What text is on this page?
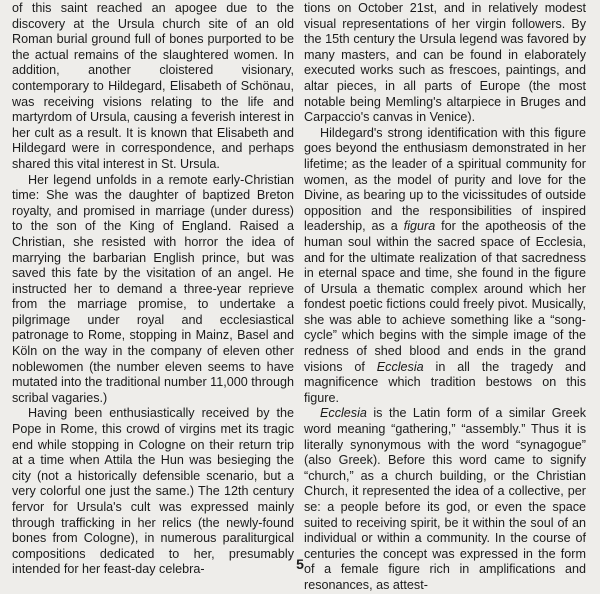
of this saint reached an apogee due to the discovery at the Ursula church site of an old Roman burial ground full of bones purported to be the actual remains of the slaughtered women. In addition, another cloistered visionary, contemporary to Hildegard, Elisabeth of Schönau, was receiving visions relating to the life and martyrdom of Ursula, causing a feverish interest in her cult as a result. It is known that Elisabeth and Hildegard were in correspondence, and perhaps shared this vital interest in St. Ursula.

Her legend unfolds in a remote early-Christian time: She was the daughter of baptized Breton royalty, and promised in marriage (under duress) to the son of the King of England. Raised a Christian, she resisted with horror the idea of marrying the barbarian English prince, but was saved this fate by the visitation of an angel. He instructed her to demand a three-year reprieve from the marriage promise, to undertake a pilgrimage under royal and ecclesiastical patronage to Rome, stopping in Mainz, Basel and Köln on the way in the company of eleven other noblewomen (the number eleven seems to have mutated into the traditional number 11,000 through scribal vagaries.)

Having been enthusiastically received by the Pope in Rome, this crowd of virgins met its tragic end while stopping in Cologne on their return trip at a time when Attila the Hun was besieging the city (not a historically defensible scenario, but a very colorful one just the same.) The 12th century fervor for Ursula's cult was expressed mainly through trafficking in her relics (the newly-found bones from Cologne), in numerous paraliturgical compositions dedicated to her, presumably intended for her feast-day celebra-

tions on October 21st, and in relatively modest visual representations of her virgin followers. By the 15th century the Ursula legend was favored by many masters, and can be found in elaborately executed works such as frescoes, paintings, and altar pieces, in all parts of Europe (the most notable being Memling's altarpiece in Bruges and Carpaccio's canvas in Venice).

Hildegard's strong identification with this figure goes beyond the enthusiasm demonstrated in her lifetime; as the leader of a spiritual community for women, as the model of purity and love for the Divine, as bearing up to the vicissitudes of outside opposition and the responsibilities of inspired leadership, as a figura for the apotheosis of the human soul within the sacred space of Ecclesia, and for the ultimate realization of that sacredness in eternal space and time, she found in the figure of Ursula a thematic complex around which her fondest poetic fictions could freely pivot. Musically, she was able to achieve something like a “song-cycle” which begins with the simple image of the redness of shed blood and ends in the grand visions of Ecclesia in all the tragedy and magnificence which tradition bestows on this figure.

Ecclesia is the Latin form of a similar Greek word meaning “gathering,” “assembly.” Thus it is literally synonymous with the word “synagogue” (also Greek). Before this word came to signify “church,” as a church building, or the Christian Church, it represented the idea of a collective, per se: a people before its god, or even the space suited to receiving spirit, be it within the soul of an individual or within a community. In the course of centuries the concept was expressed in the form of a female figure rich in amplifications and resonances, as attest-

5
